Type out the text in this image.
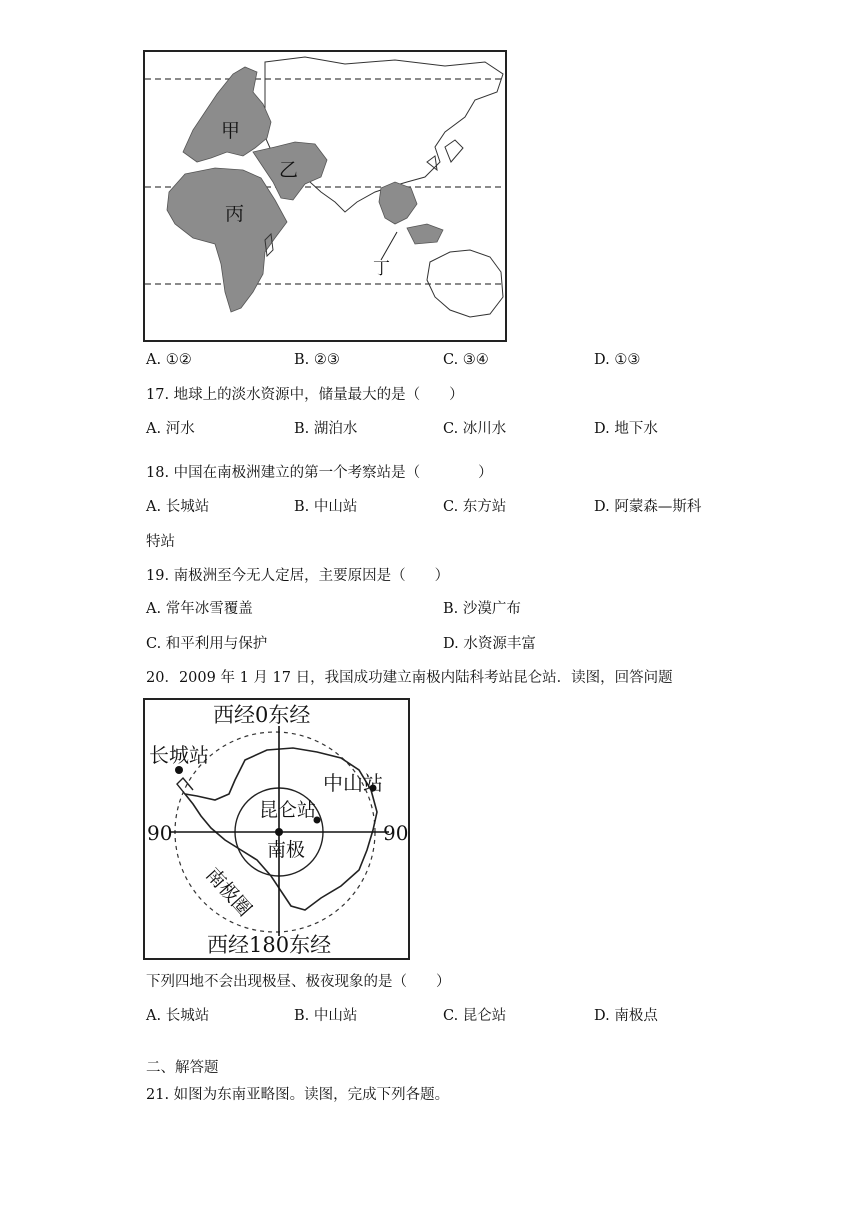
甲
乙
丙
丁
A. ①②	B. ②③	C. ③④	D. ①③
17. 地球上的淡水资源中，储量最大的是（　　）
A. 河水	B. 湖泊水	C. 冰川水	D. 地下水
18. 中国在南极洲建立的第一个考察站是（　　　　）
A. 长城站	B. 中山站	C. 东方站	D. 阿蒙森—斯科
特站
19. 南极洲至今无人定居，主要原因是（　　）
A. 常年冰雪覆盖	B. 沙漠广布
C. 和平利用与保护	D. 水资源丰富
20．2009 年 1 月 17 日，我国成功建立南极内陆科考站昆仑站．读图，回答问题
西经0东经
西经180东经
90	90
长城站
中山站
昆仑站
南极
南极圈
下列四地不会出现极昼、极夜现象的是（　　）
A. 长城站	B. 中山站	C. 昆仑站	D. 南极点
二、解答题
21. 如图为东南亚略图。读图，完成下列各题。
